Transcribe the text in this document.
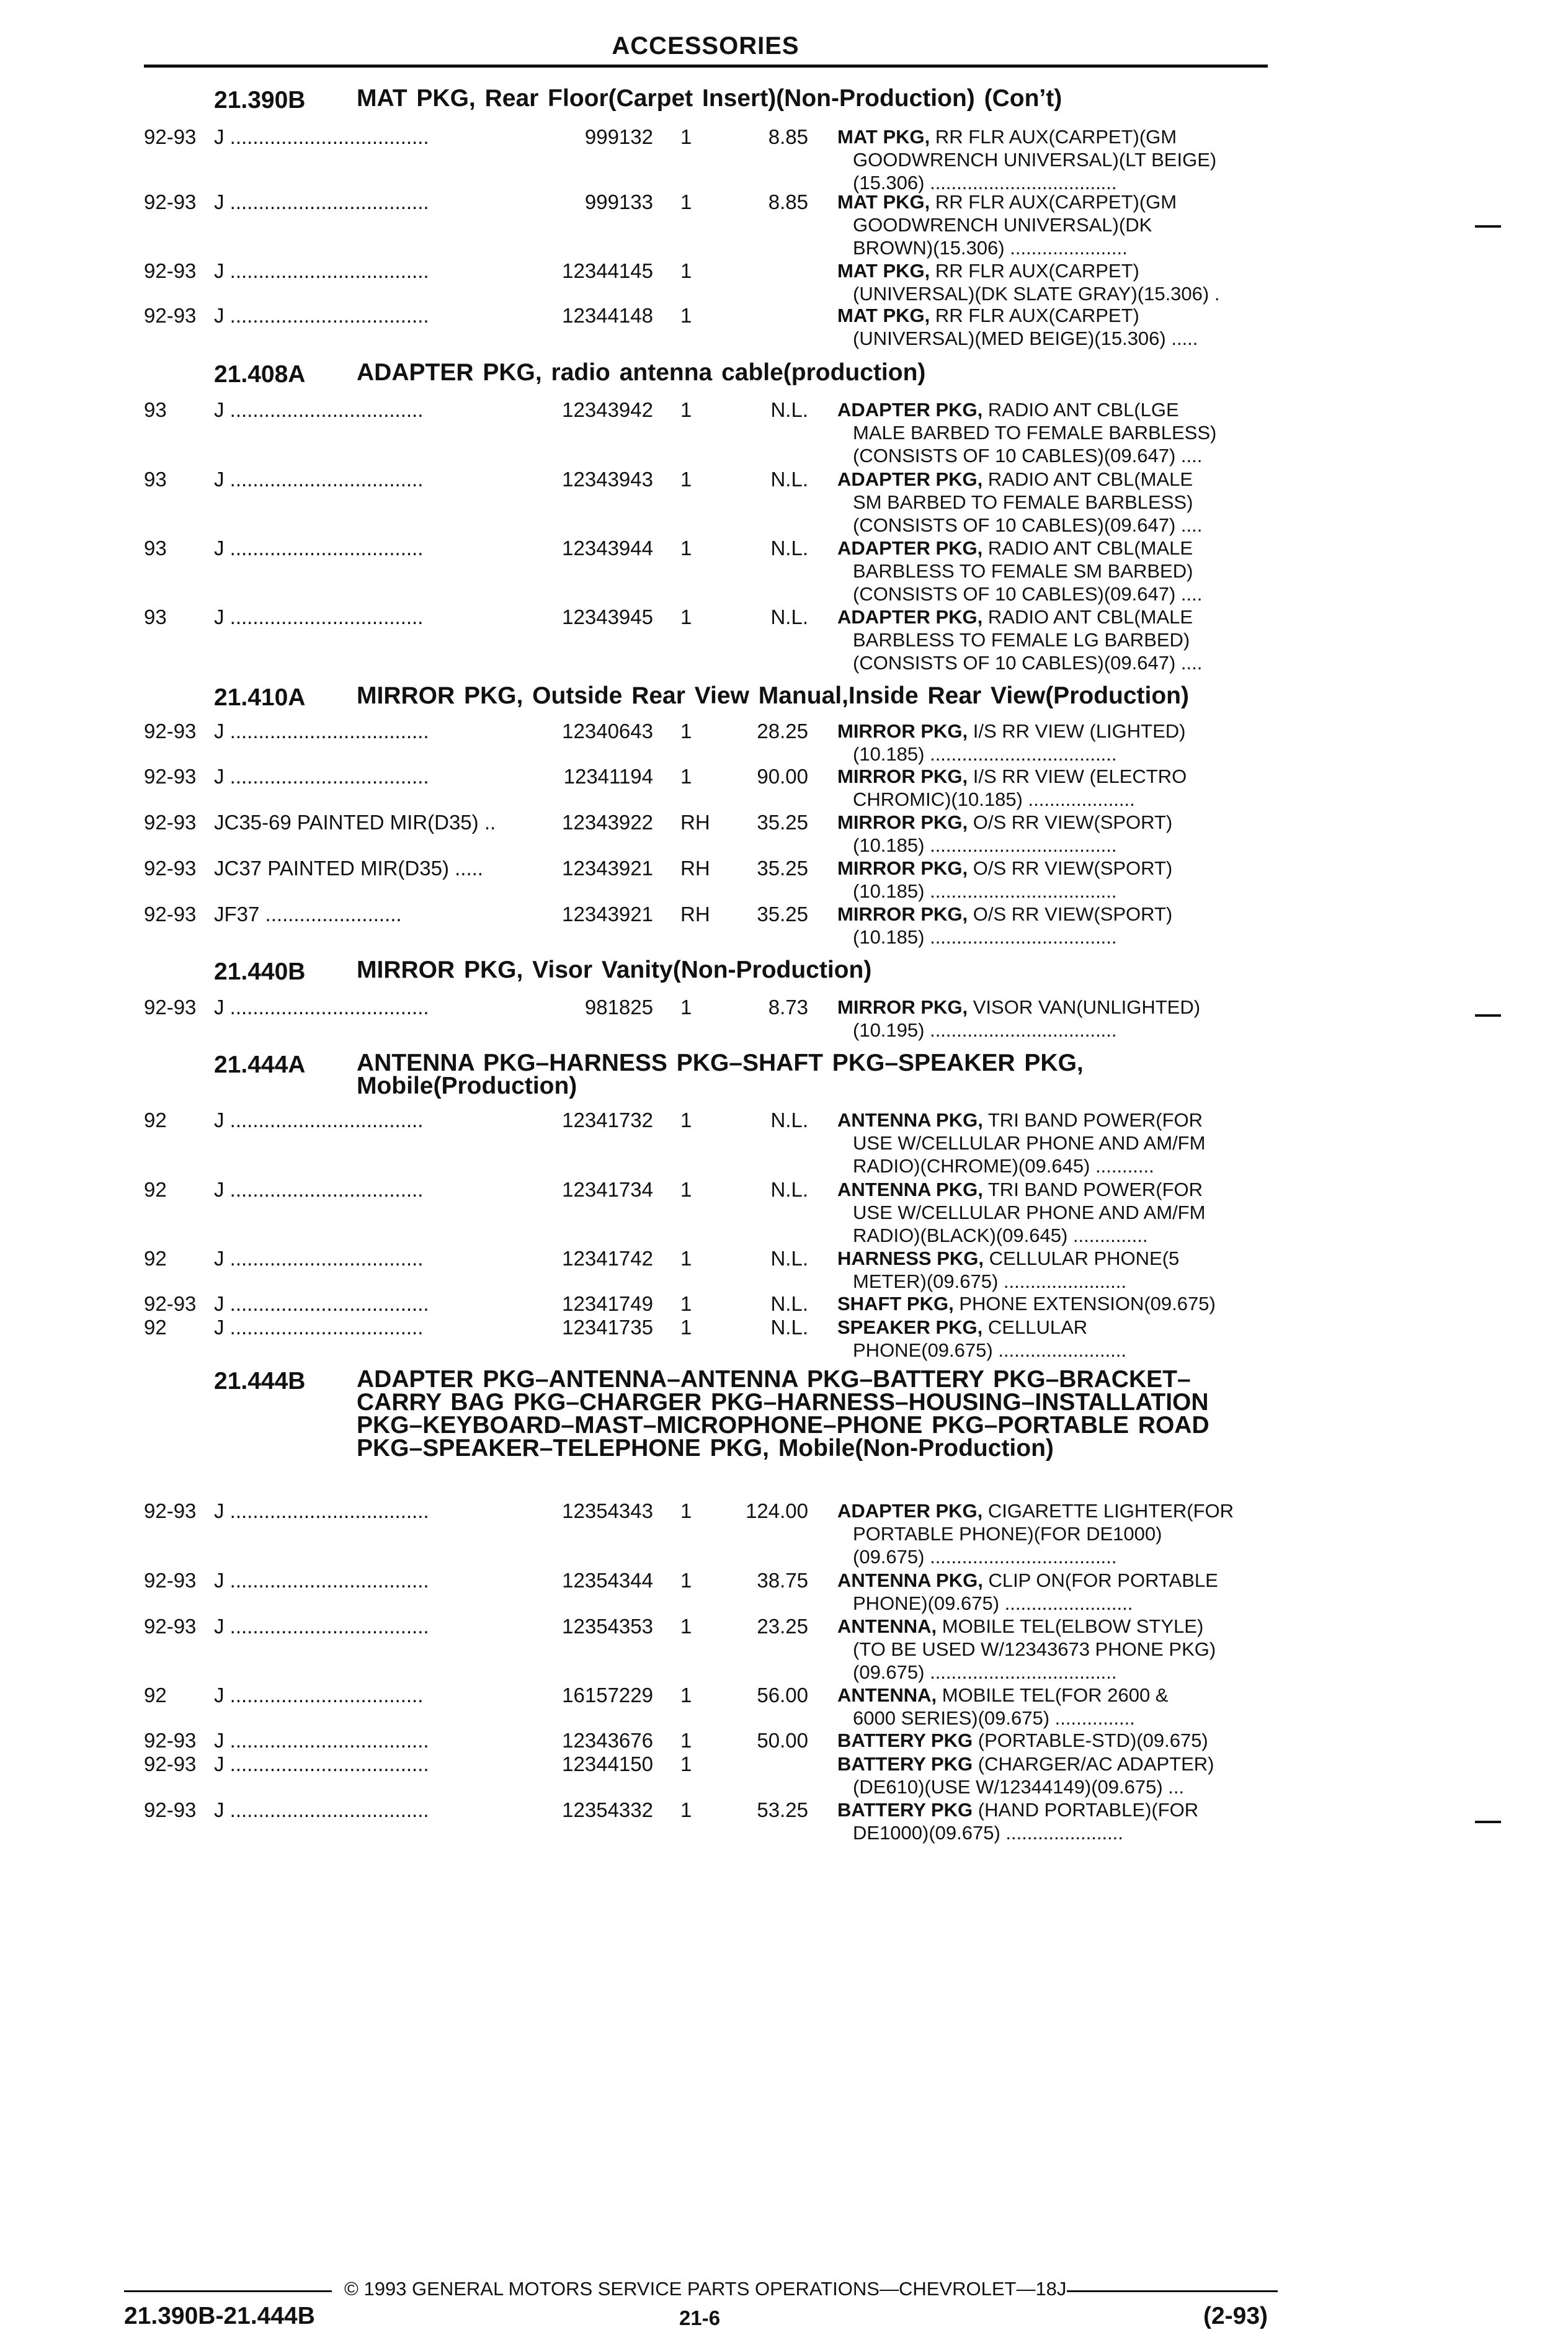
ACCESSORIES
21.390B MAT PKG, Rear Floor(Carpet Insert)(Non-Production) (Con’t)
92-93 J ...................................	999132 1	8.85 MAT PKG, RR FLR AUX(CARPET)(GM
GOODWRENCH UNIVERSAL)(LT BEIGE)
(15.306) ...................................
92-93 J ...................................	999133 1	8.85 MAT PKG, RR FLR AUX(CARPET)(GM
GOODWRENCH UNIVERSAL)(DK
BROWN)(15.306) ......................
92-93 J ...................................	12344145 1	MAT PKG, RR FLR AUX(CARPET)
(UNIVERSAL)(DK SLATE GRAY)(15.306) .
92-93 J ...................................	12344148 1	MAT PKG, RR FLR AUX(CARPET)
(UNIVERSAL)(MED BEIGE)(15.306) .....
21.408A ADAPTER PKG, radio antenna cable(production)
93 J ..................................	12343942 1	N.L. ADAPTER PKG, RADIO ANT CBL(LGE
MALE BARBED TO FEMALE BARBLESS)
(CONSISTS OF 10 CABLES)(09.647) ....
93 J ..................................	12343943 1	N.L. ADAPTER PKG, RADIO ANT CBL(MALE
SM BARBED TO FEMALE BARBLESS)
(CONSISTS OF 10 CABLES)(09.647) ....
93 J ..................................	12343944 1	N.L. ADAPTER PKG, RADIO ANT CBL(MALE
BARBLESS TO FEMALE SM BARBED)
(CONSISTS OF 10 CABLES)(09.647) ....
93 J ..................................	12343945 1	N.L. ADAPTER PKG, RADIO ANT CBL(MALE
BARBLESS TO FEMALE LG BARBED)
(CONSISTS OF 10 CABLES)(09.647) ....
21.410A MIRROR PKG, Outside Rear View Manual,Inside Rear View(Production)
92-93 J ...................................	12340643 1	28.25 MIRROR PKG, I/S RR VIEW (LIGHTED)
(10.185) ...................................
92-93 J ...................................	12341194 1	90.00 MIRROR PKG, I/S RR VIEW (ELECTRO
CHROMIC)(10.185) ....................
92-93 JC35-69 PAINTED MIR(D35) ..	12343922 RH 35.25 MIRROR PKG, O/S RR VIEW(SPORT)
(10.185) ...................................
92-93 JC37 PAINTED MIR(D35) .....	12343921 RH 35.25 MIRROR PKG, O/S RR VIEW(SPORT)
(10.185) ...................................
92-93 JF37 ........................	12343921 RH 35.25 MIRROR PKG, O/S RR VIEW(SPORT)
(10.185) ...................................
21.440B MIRROR PKG, Visor Vanity(Non-Production)
92-93 J ...................................	981825 1	8.73 MIRROR PKG, VISOR VAN(UNLIGHTED)
(10.195) ...................................
21.444A ANTENNA PKG–HARNESS PKG–SHAFT PKG–SPEAKER PKG, Mobile(Production)
92 J ..................................	12341732 1	N.L. ANTENNA PKG, TRI BAND POWER(FOR
USE W/CELLULAR PHONE AND AM/FM
RADIO)(CHROME)(09.645) ...........
92 J ..................................	12341734 1	N.L. ANTENNA PKG, TRI BAND POWER(FOR
USE W/CELLULAR PHONE AND AM/FM
RADIO)(BLACK)(09.645) ..............
92 J ..................................	12341742 1	N.L. HARNESS PKG, CELLULAR PHONE(5
METER)(09.675) .......................
92-93 J ...................................	12341749 1	N.L. SHAFT PKG, PHONE EXTENSION(09.675)
92 J ..................................	12341735 1	N.L. SPEAKER PKG, CELLULAR
PHONE(09.675) ........................
21.444B ADAPTER PKG–ANTENNA–ANTENNA PKG–BATTERY PKG–BRACKET–CARRY BAG PKG–CHARGER PKG–HARNESS–HOUSING–INSTALLATION PKG–KEYBOARD–MAST–MICROPHONE–PHONE PKG–PORTABLE ROAD PKG–SPEAKER–TELEPHONE PKG, Mobile(Non-Production)
92-93 J ...................................	12354343 1	124.00 ADAPTER PKG, CIGARETTE LIGHTER(FOR
PORTABLE PHONE)(FOR DE1000)
(09.675) ...................................
92-93 J ...................................	12354344 1	38.75 ANTENNA PKG, CLIP ON(FOR PORTABLE
PHONE)(09.675) ........................
92-93 J ...................................	12354353 1	23.25 ANTENNA, MOBILE TEL(ELBOW STYLE)
(TO BE USED W/12343673 PHONE PKG)
(09.675) ...................................
92 J ..................................	16157229 1	56.00 ANTENNA, MOBILE TEL(FOR 2600 &
6000 SERIES)(09.675) ...............
92-93 J ...................................	12343676 1	50.00 BATTERY PKG (PORTABLE-STD)(09.675)
92-93 J ...................................	12344150 1	BATTERY PKG (CHARGER/AC ADAPTER)
(DE610)(USE W/12344149)(09.675) ...
92-93 J ...................................	12354332 1	53.25 BATTERY PKG (HAND PORTABLE)(FOR
DE1000)(09.675) ......................
© 1993 GENERAL MOTORS SERVICE PARTS OPERATIONS—CHEVROLET—18J
21.390B-21.444B	21-6	(2-93)
